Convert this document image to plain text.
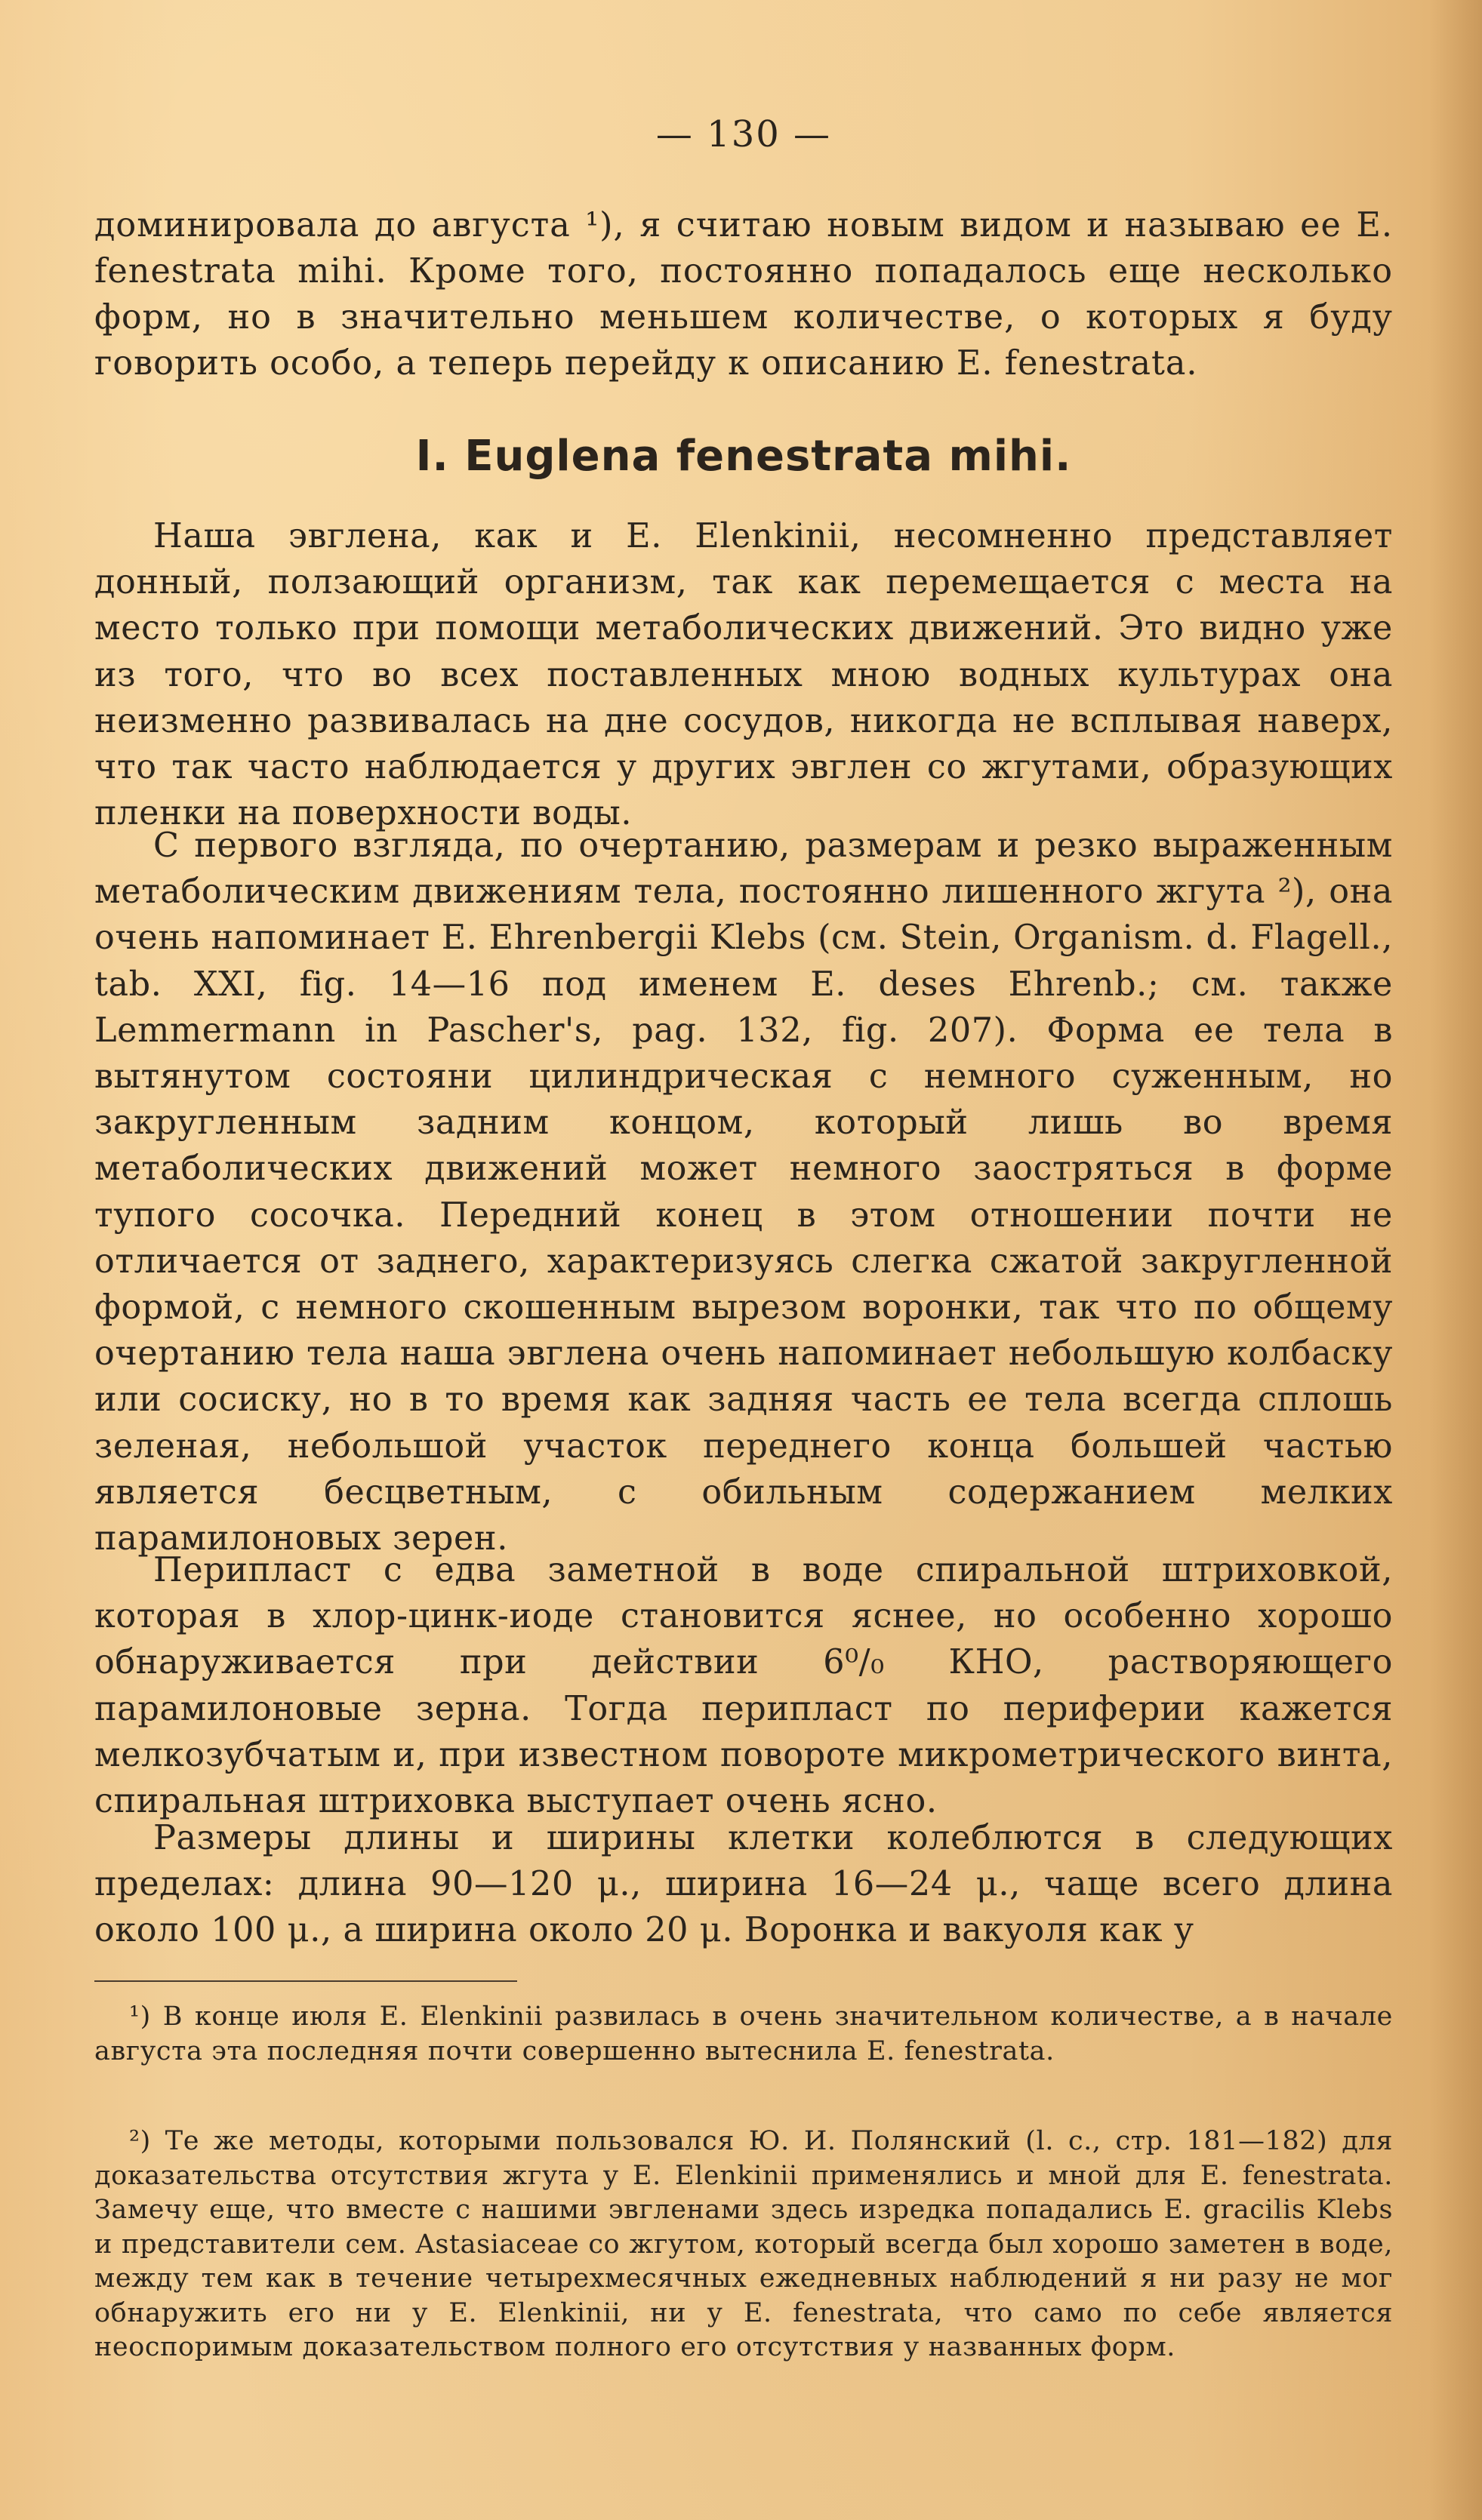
— 130 —
доминировала до августа ¹), я считаю новым видом и называю ее E. fenestrata mihi. Кроме того, постоянно попадалось еще несколько форм, но в значительно меньшем количестве, о которых я буду говорить особо, а теперь перейду к описанию E. fenestrata.
I. Euglena fenestrata mihi.

Наша эвглена, как и E. Elenkinii, несомненно представляет донный, ползающий организм, так как перемещается с места на место только при помощи метаболических движений. Это видно уже из того, что во всех поставленных мною водных культурах она неизменно развивалась на дне сосудов, никогда не всплывая наверх, что так часто наблюдается у других эвглен со жгутами, образующих пленки на поверхности воды.

С первого взгляда, по очертанию, размерам и резко выраженным метаболическим движениям тела, постоянно лишенного жгута ²), она очень напоминает E. Ehrenbergii Klebs (см. Stein, Organism. d. Flagell., tab. XXI, fig. 14—16 под именем E. deses Ehrenb.; см. также Lemmermann in Pascher's, pag. 132, fig. 207). Форма ее тела в вытянутом состояни цилиндрическая с немного суженным, но закругленным задним концом, который лишь во время метаболических движений может немного заостряться в форме тупого сосочка. Передний конец в этом отношении почти не отличается от заднего, характеризуясь слегка сжатой закругленной формой, с немного скошенным вырезом воронки, так что по общему очертанию тела наша эвглена очень напоминает небольшую колбаску или сосиску, но в то время как задняя часть ее тела всегда сплошь зеленая, небольшой участок переднего конца большей частью является бесцветным, с обильным содержанием мелких парамилоновых зерен.

Перипласт с едва заметной в воде спиральной штриховкой, которая в хлор-цинк-иоде становится яснее, но особенно хорошо обнаруживается при действии 6⁰/₀ КНО, растворяющего парамилоновые зерна. Тогда перипласт по периферии кажется мелкозубчатым и, при известном повороте микрометрического винта, спиральная штриховка выступает очень ясно.

Размеры длины и ширины клетки колеблются в следующих пределах: длина 90—120 μ., ширина 16—24 μ., чаще всего длина около 100 μ., а ширина около 20 μ. Воронка и вакуоля как у

¹) В конце июля E. Elenkinii развилась в очень значительном количестве, а в начале августа эта последняя почти совершенно вытеснила E. fenestrata.

²) Те же методы, которыми пользовался Ю. И. Полянский (l. c., стр. 181—182) для доказательства отсутствия жгута у E. Elenkinii применялись и мной для E. fenestrata. Замечу еще, что вместе с нашими эвгленами здесь изредка попадались E. gracilis Klebs и представители сем. Astasiaceae со жгутом, который всегда был хорошо заметен в воде, между тем как в течение четырехмесячных ежедневных наблюдений я ни разу не мог обнаружить его ни у E. Elenkinii, ни у E. fenestrata, что само по себе является неоспоримым доказательством полного его отсутствия у названных форм.
